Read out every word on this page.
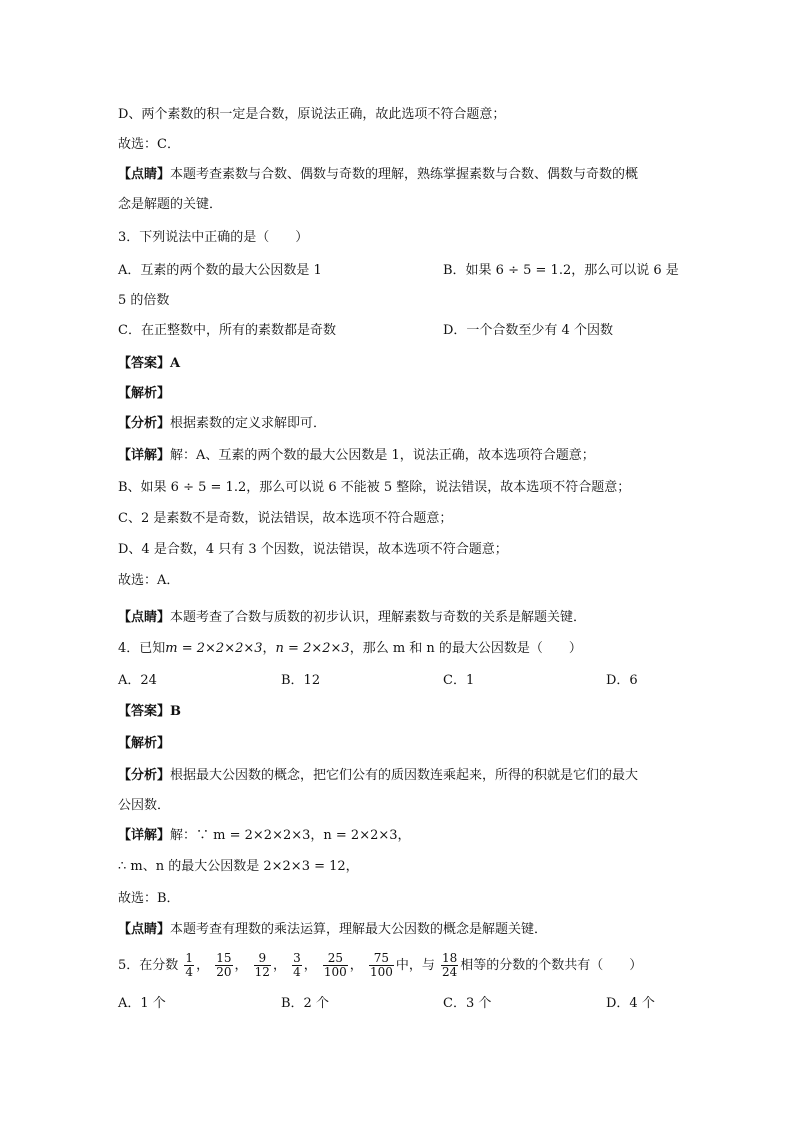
D、两个素数的积一定是合数，原说法正确，故此选项不符合题意；
故选：C．
【点睛】本题考查素数与合数、偶数与奇数的理解，熟练掌握素数与合数、偶数与奇数的概
念是解题的关键．
3．下列说法中正确的是（　　）
A．互素的两个数的最大公因数是 1	B．如果 6 ÷ 5 = 1.2，那么可以说 6 是
5 的倍数
C．在正整数中，所有的素数都是奇数	D．一个合数至少有 4 个因数
【答案】A
【解析】
【分析】根据素数的定义求解即可．
【详解】解：A、互素的两个数的最大公因数是 1，说法正确，故本选项符合题意；
B、如果 6 ÷ 5 = 1.2，那么可以说 6 不能被 5 整除，说法错误，故本选项不符合题意；
C、2 是素数不是奇数，说法错误，故本选项不符合题意；
D、4 是合数，4 只有 3 个因数，说法错误，故本选项不符合题意；
故选：A．
【点睛】本题考查了合数与质数的初步认识，理解素数与奇数的关系是解题关键．
4．已知m = 2×2×2×3，n = 2×2×3，那么 m 和 n 的最大公因数是（　　）
A．24	B．12	C．1	D．6
【答案】B
【解析】
【分析】根据最大公因数的概念，把它们公有的质因数连乘起来，所得的积就是它们的最大
公因数．
【详解】解：∵ m = 2×2×2×3，n = 2×2×3，
∴ m、n 的最大公因数是 2×2×3 = 12，
故选：B．
【点睛】本题考查有理数的乘法运算，理解最大公因数的概念是解题关键．
5．在分数 $\frac{1}{4}$ ， $\frac{15}{20}$ ， $\frac{9}{12}$ ， $\frac{3}{4}$ ， $\frac{25}{100}$ ， $\frac{75}{100}$ 中，与 $\frac{18}{24}$ 相等的分数的个数共有（　　）
A．1 个	B．2 个	C．3 个	D．4 个
